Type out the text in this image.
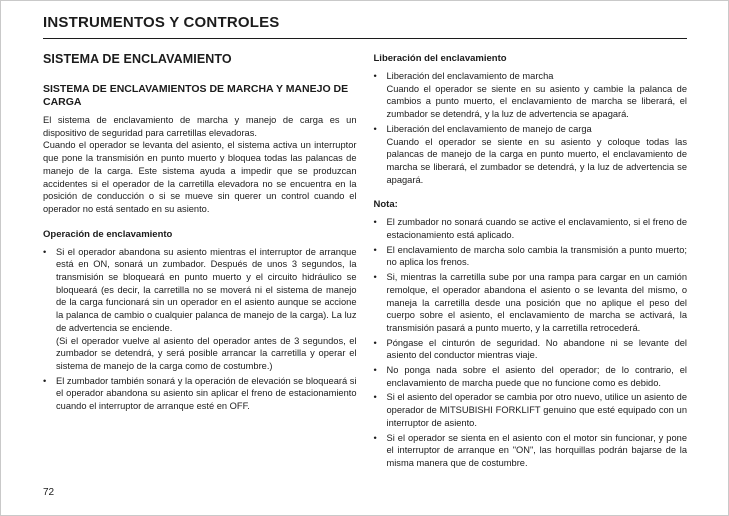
INSTRUMENTOS Y CONTROLES
SISTEMA DE ENCLAVAMIENTO
SISTEMA DE ENCLAVAMIENTOS DE MARCHA Y MANEJO DE CARGA
El sistema de enclavamiento de marcha y manejo de carga es un dispositivo de seguridad para carretillas elevadoras.
Cuando el operador se levanta del asiento, el sistema activa un interruptor que pone la transmisión en punto muerto y bloquea todas las palancas de manejo de la carga. Este sistema ayuda a impedir que se produzcan accidentes si el operador de la carretilla elevadora no se encuentra en la posición de conducción o si se mueve sin querer un control cuando el operador no está sentado en su asiento.
Operación de enclavamiento
•
Si el operador abandona su asiento mientras el interruptor de arranque está en ON, sonará un zumbador. Después de unos 3 segundos, la transmisión se bloqueará en punto muerto y el circuito hidráulico se bloqueará (es decir, la carretilla no se moverá ni el sistema de manejo de la carga funcionará sin un operador en el asiento aunque se accione la palanca de cambio o cualquier palanca de manejo de la carga). La luz de advertencia se enciende.
(Si el operador vuelve al asiento del operador antes de 3 segundos, el zumbador se detendrá, y será posible arrancar la carretilla y operar el sistema de manejo de la carga como de costumbre.)
•
El zumbador también sonará y la operación de elevación se bloqueará si el operador abandona su asiento sin aplicar el freno de estacionamiento cuando el interruptor de arranque esté en OFF.
Liberación del enclavamiento
•
Liberación del enclavamiento de marcha
Cuando el operador se siente en su asiento y cambie la palanca de cambios a punto muerto, el enclavamiento de marcha se liberará, el zumbador se detendrá, y la luz de advertencia se apagará.
•
Liberación del enclavamiento de manejo de carga
Cuando el operador se siente en su asiento y coloque todas las palancas de manejo de la carga en punto muerto, el enclavamiento de marcha se liberará, el zumbador se detendrá, y la luz de advertencia se apagará.
Nota:
•
El zumbador no sonará cuando se active el enclavamiento, si el freno de estacionamiento está aplicado.
•
El enclavamiento de marcha solo cambia la transmisión a punto muerto; no aplica los frenos.
•
Si, mientras la carretilla sube por una rampa para cargar en un camión remolque, el operador abandona el asiento o se levanta del mismo, o maneja la carretilla desde una posición que no aplique el peso del cuerpo sobre el asiento, el enclavamiento de marcha se activará, la transmisión pasará a punto muerto, y la carretilla retrocederá.
•
Póngase el cinturón de seguridad. No abandone ni se levante del asiento del conductor mientras viaje.
•
No ponga nada sobre el asiento del operador; de lo contrario, el enclavamiento de marcha puede que no funcione como es debido.
•
Si el asiento del operador se cambia por otro nuevo, utilice un asiento de operador de MITSUBISHI FORKLIFT genuino que esté equipado con un interruptor de asiento.
•
Si el operador se sienta en el asiento con el motor sin funcionar, y pone el interruptor de arranque en "ON", las horquillas podrán bajarse de la misma manera que de costumbre.
72
